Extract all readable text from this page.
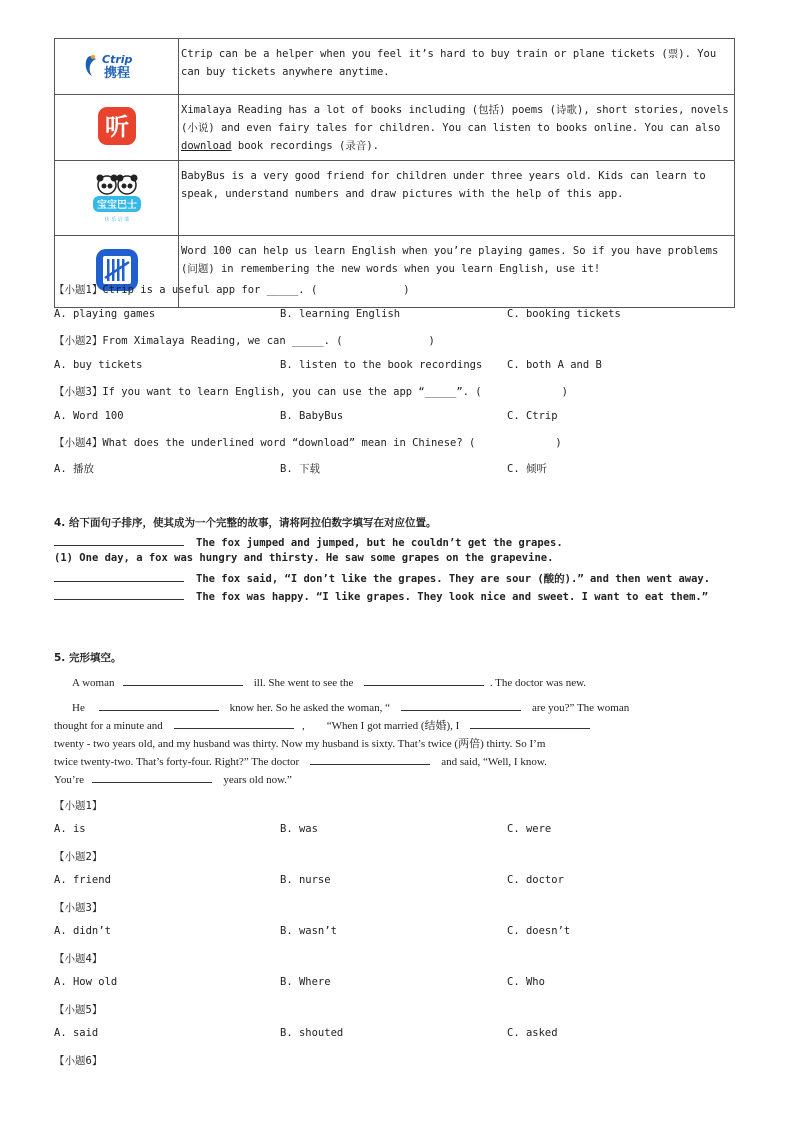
Ctrip
携程	Ctrip can be a helper when you feel it’s hard to buy train or plane tickets (票). You can buy tickets anywhere anytime.

听	Ximalaya Reading has a lot of books including (包括) poems (诗歌), short stories, novels (小说) and even fairy tales for children. You can listen to books online. You can also download book recordings (录音).

宝宝巴士
快 乐 启 蒙	BabyBus is a very good friend for children under three years old. Kids can learn to speak, understand numbers and draw pictures with the help of this app.
	Word 100 can help us learn English when you’re playing games. So if you have problems (问题) in remembering the new words when you learn English, use it!
【小题1】Ctrip is a useful app for _____. (	)
A. playing games	B. learning English	C. booking tickets
【小题2】From Ximalaya Reading, we can _____. (	)
A. buy tickets	B. listen to the book recordings C. both A and B
【小题3】If you want to learn English, you can use the app “_____”. (	)
A. Word 100	B. BabyBus	C. Ctrip
【小题4】What does the underlined word “download” mean in Chinese? (	)
A. 播放	B. 下载	C. 倾听
4. 给下面句子排序，使其成为一个完整的故事，请将阿拉伯数字填写在对应位置。
The fox jumped and jumped, but he couldn’t get the grapes.
(1) One day, a fox was hungry and thirsty. He saw some grapes on the grapevine.
The fox said, “I don’t like the grapes. They are sour (酸的).” and then went away.
The fox was happy. “I like grapes. They look nice and sweet. I want to eat them.”
5. 完形填空。
A woman	ill. She went to see the	. The doctor was new.
He	know her. So he asked the woman, “	are you?” The woman
thought for a minute and	, “When I got married (结婚), I
twenty - two years old, and my husband was thirty. Now my husband is sixty. That’s twice (两倍) thirty. So I’m
twice twenty-two. That’s forty-four. Right?” The doctor	and said, “Well, I know.
You’re	years old now.”
【小题1】
A. is	B. was	C. were
【小题2】
A. friend	B. nurse	C. doctor
【小题3】
A. didn’t	B. wasn’t	C. doesn’t
【小题4】
A. How old	B. Where	C. Who
【小题5】
A. said	B. shouted	C. asked
【小题6】
